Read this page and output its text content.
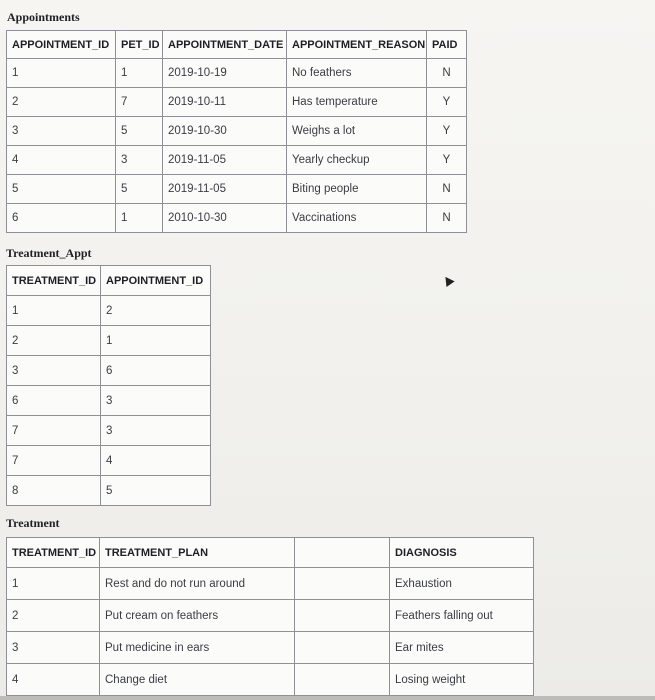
Appointments
APPOINTMENT_ID	PET_ID	APPOINTMENT_DATE	APPOINTMENT_REASON	PAID
1	1	2019-10-19	No feathers	N
2	7	2019-10-11	Has temperature	Y
3	5	2019-10-30	Weighs a lot	Y
4	3	2019-11-05	Yearly checkup	Y
5	5	2019-11-05	Biting people	N
6	1	2010-10-30	Vaccinations	N
Treatment_Appt
TREATMENT_ID	APPOINTMENT_ID
1	2
2	1
3	6
6	3
7	3
7	4
8	5
Treatment
TREATMENT_ID	TREATMENT_PLAN		DIAGNOSIS
1	Rest and do not run around		Exhaustion
2	Put cream on feathers		Feathers falling out
3	Put medicine in ears		Ear mites
4	Change diet		Losing weight
